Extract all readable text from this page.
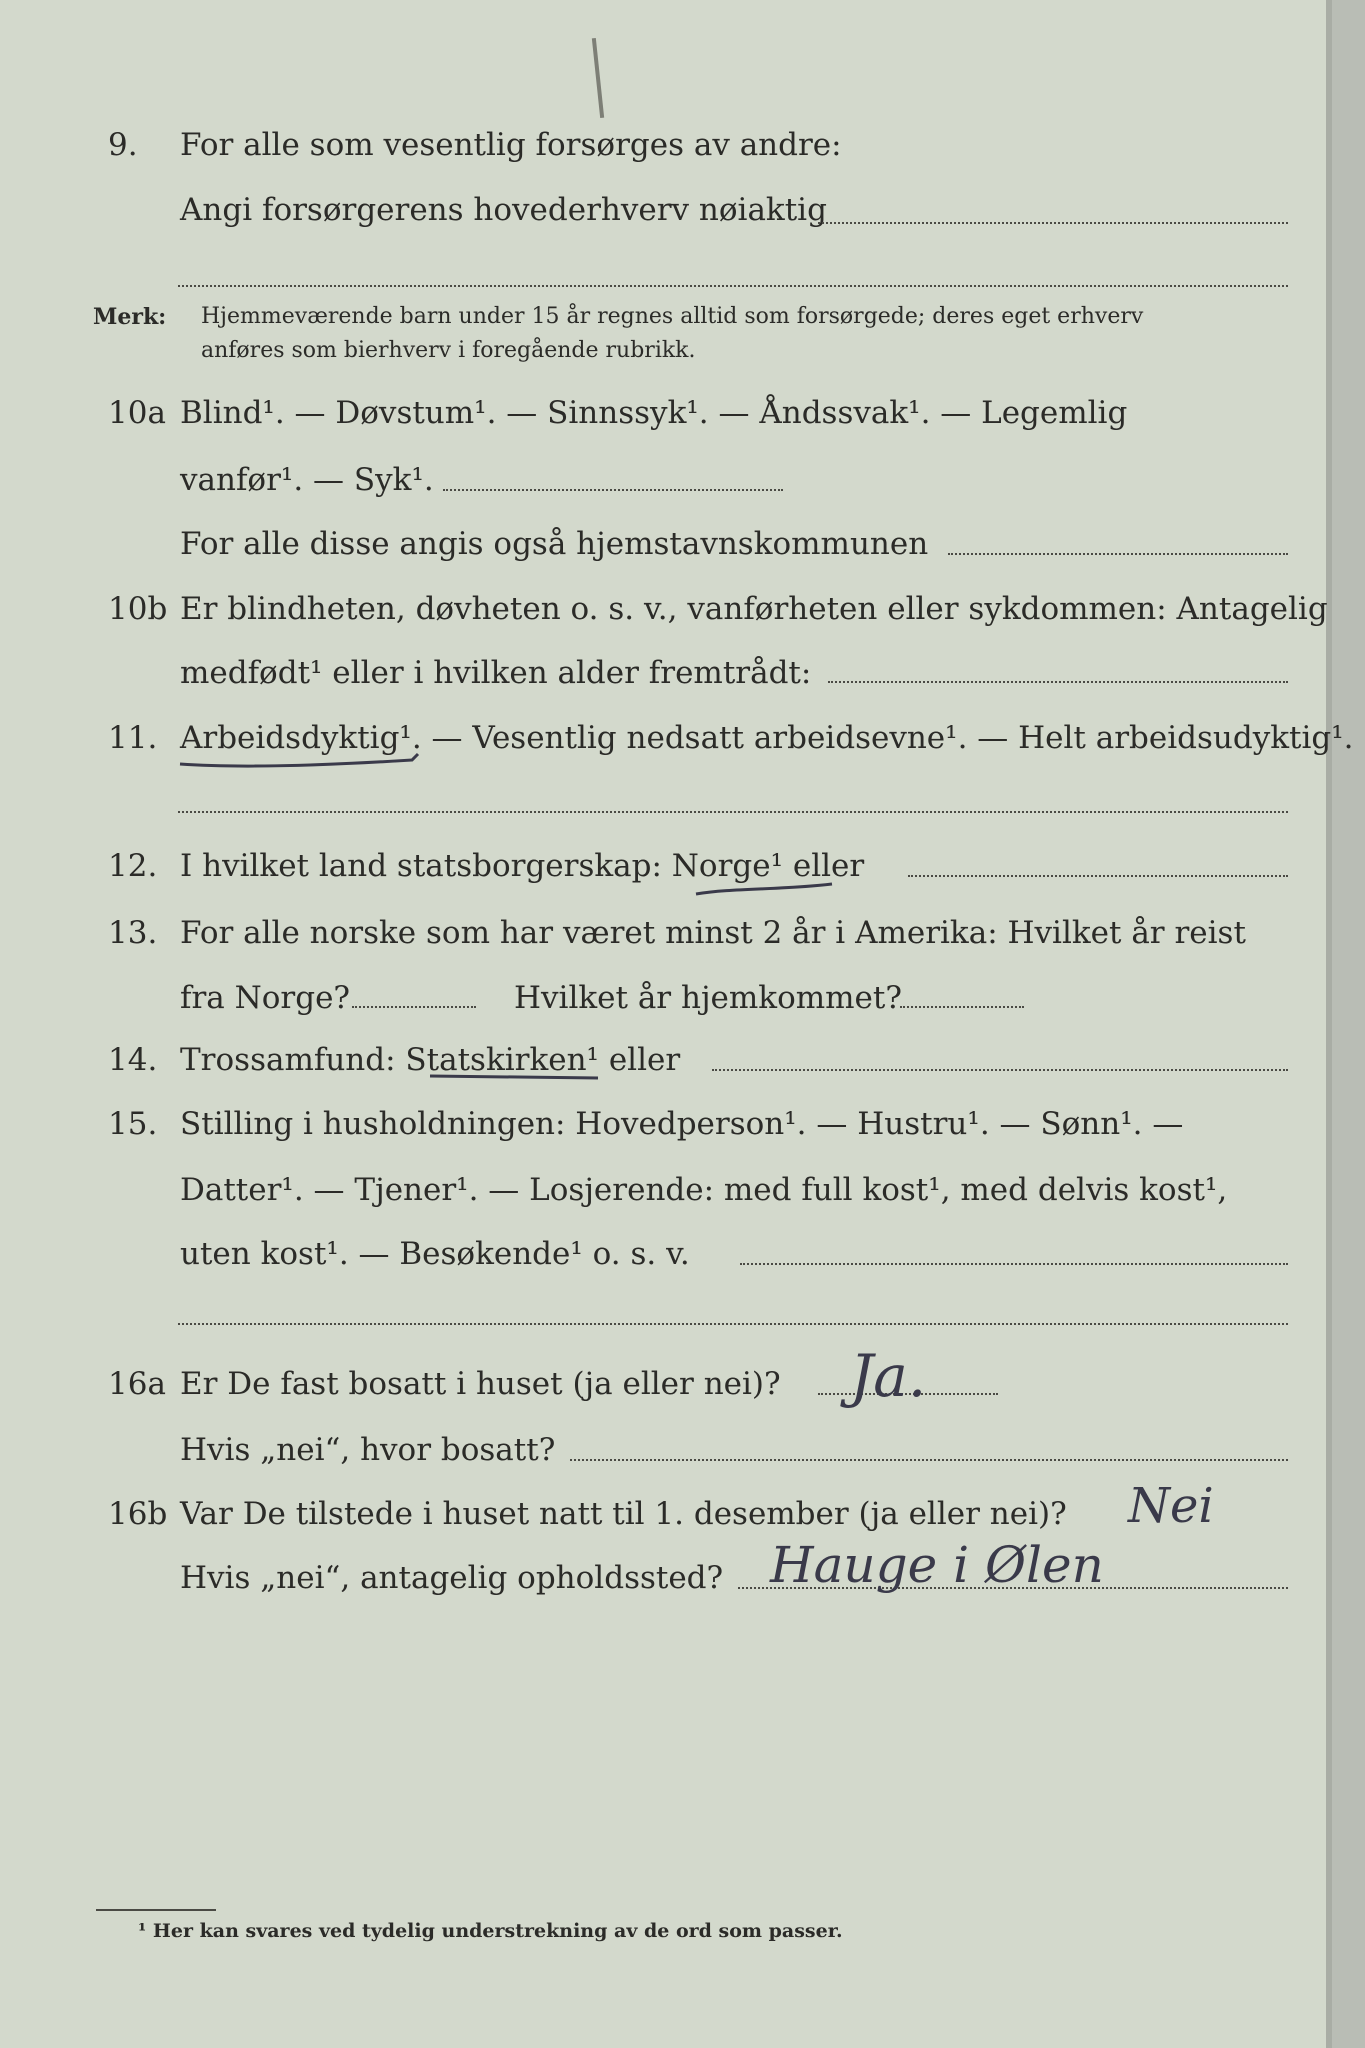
9.	For alle som vesentlig forsørges av andre:
Angi forsørgerens hovederhverv nøiaktig
Merk: Hjemmeværende barn under 15 år regnes alltid som forsørgede; deres eget erhverv
anføres som bierhverv i foregående rubrikk.
10a Blind¹. — Døvstum¹. — Sinnssyk¹. — Åndssvak¹. — Legemlig
vanfør¹. — Syk¹.
For alle disse angis også hjemstavnskommunen
10b Er blindheten, døvheten o. s. v., vanførheten eller sykdommen: Antagelig
medfødt¹ eller i hvilken alder fremtrådt:
11. Arbeidsdyktig¹. — Vesentlig nedsatt arbeidsevne¹. — Helt arbeidsudyktig¹.
12. I hvilket land statsborgerskap: Norge¹ eller
13. For alle norske som har været minst 2 år i Amerika: Hvilket år reist
fra Norge?	Hvilket år hjemkommet?
14. Trossamfund: Statskirken¹ eller
15. Stilling i husholdningen: Hovedperson¹. — Hustru¹. — Sønn¹. —
Datter¹. — Tjener¹. — Losjerende: med full kost¹, med delvis kost¹,
uten kost¹. — Besøkende¹ o. s. v.
16a Er De fast bosatt i huset (ja eller nei)?	Ja.
Hvis „nei“, hvor bosatt?
16b Var De tilstede i huset natt til 1. desember (ja eller nei)?	Nei
Hvis „nei“, antagelig opholdssted? Hauge i Ølen
¹ Her kan svares ved tydelig understrekning av de ord som passer.
